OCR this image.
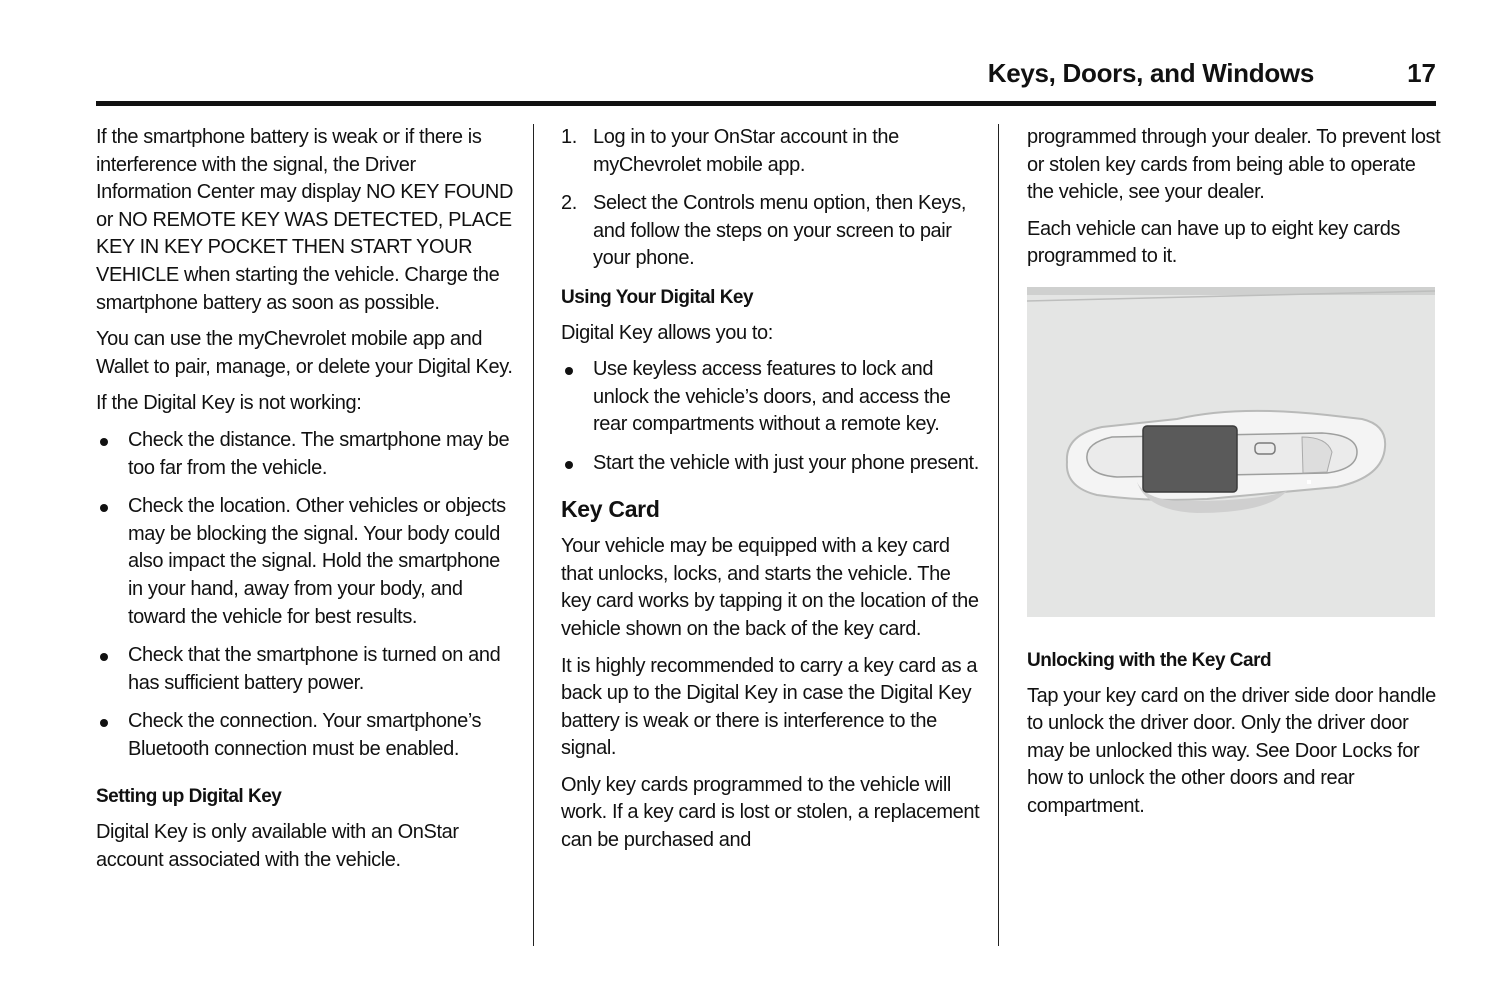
Keys, Doors, and Windows	17

If the smartphone battery is weak or if there is interference with the signal, the Driver Information Center may display NO KEY FOUND or NO REMOTE KEY WAS DETECTED, PLACE KEY IN KEY POCKET THEN START YOUR VEHICLE when starting the vehicle. Charge the smartphone battery as soon as possible.

You can use the myChevrolet mobile app and Wallet to pair, manage, or delete your Digital Key.

If the Digital Key is not working:

Check the distance. The smartphone may be too far from the vehicle.
Check the location. Other vehicles or objects may be blocking the signal. Your body could also impact the signal. Hold the smartphone in your hand, away from your body, and toward the vehicle for best results.
Check that the smartphone is turned on and has sufficient battery power.
Check the connection. Your smartphone’s Bluetooth connection must be enabled.
Setting up Digital Key

Digital Key is only available with an OnStar account associated with the vehicle.

1. Log in to your OnStar account in the myChevrolet mobile app.
2. Select the Controls menu option, then Keys, and follow the steps on your screen to pair your phone.
Using Your Digital Key

Digital Key allows you to:

Use keyless access features to lock and unlock the vehicle’s doors, and access the rear compartments without a remote key.
Start the vehicle with just your phone present.
Key Card

Your vehicle may be equipped with a key card that unlocks, locks, and starts the vehicle. The key card works by tapping it on the location of the vehicle shown on the back of the key card.

It is highly recommended to carry a key card as a back up to the Digital Key in case the Digital Key battery is weak or there is interference to the signal.

Only key cards programmed to the vehicle will work. If a key card is lost or stolen, a replacement can be purchased and

programmed through your dealer. To prevent lost or stolen key cards from being able to operate the vehicle, see your dealer.

Each vehicle can have up to eight key cards programmed to it.

Unlocking with the Key Card

Tap your key card on the driver side door handle to unlock the driver door. Only the driver door may be unlocked this way. See Door Locks for how to unlock the other doors and rear compartment.
